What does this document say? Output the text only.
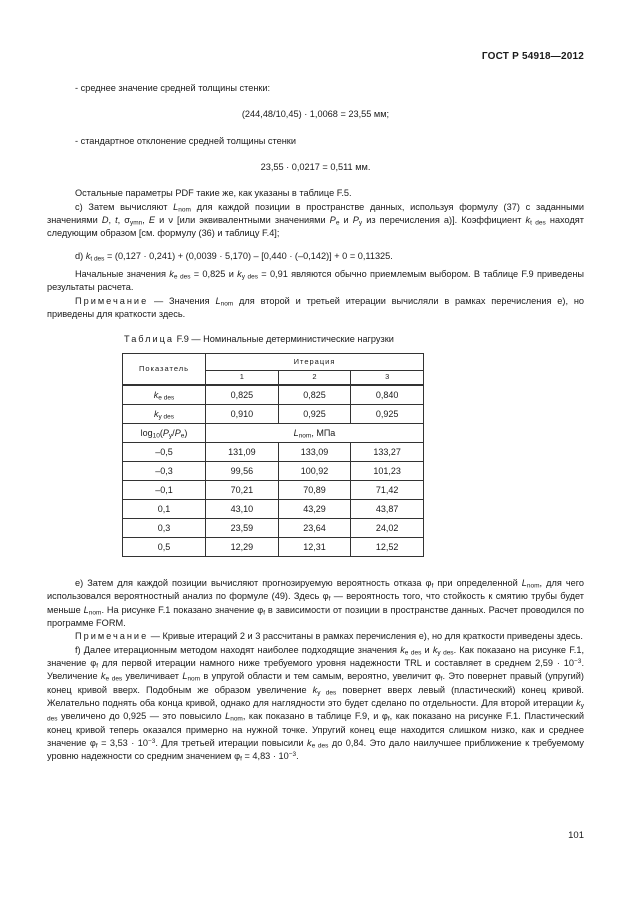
ГОСТ Р 54918—2012

- среднее значение средней толщины стенки:

(244,48/10,45) · 1,0068 = 23,55 мм;

- стандартное отклонение средней толщины стенки

23,55 · 0,0217 = 0,511 мм.

Остальные параметры PDF такие же, как указаны в таблице F.5.

с) Затем вычисляют $L_{nom}$ для каждой позиции в пространстве данных, используя формулу (37) с заданными значениями D, t, $\sigma_{ymn}$, E и ν [или эквивалентными значениями $P_e$ и $P_y$ из перечисления а)]. Коэффициент $k_{t des}$ находят следующим образом [см. формулу (36) и таблицу F.4];

d) $k_{t des} = (0,127 \cdot 0,241) + (0,0039 \cdot 5,170) - [0,440 \cdot (-0,142)] + 0 = 0,11325$.

Начальные значения $k_{e des} = 0,825$ и $k_{y des} = 0,91$ являются обычно приемлемым выбором. В таблице F.9 приведены результаты расчета.

Примечание — Значения $L_{nom}$ для второй и третьей итерации вычисляли в рамках перечисления е), но приведены для краткости здесь.

Таблица F.9 — Номинальные детерминистические нагрузки
Показатель	Итерация		
	1	2	3
$k_{e des}$	0,825	0,825	0,840
$k_{y des}$	0,910	0,925	0,925
$\log_{10}(P_y/P_e)$	$L_{nom}$, МПа		
–0,5	131,09	133,09	133,27
–0,3	99,56	100,92	101,23
–0,1	70,21	70,89	71,42
0,1	43,10	43,29	43,87
0,3	23,59	23,64	24,02
0,5	12,29	12,31	12,52

е) Затем для каждой позиции вычисляют прогнозируемую вероятность отказа $\varphi_f$ при определенной $L_{nom}$, для чего использовался вероятностный анализ по формуле (49). Здесь $\varphi_f$ — вероятность того, что стойкость к смятию трубы будет меньше $L_{nom}$. На рисунке F.1 показано значение $\varphi_f$ в зависимости от позиции в пространстве данных. Расчет проводился по программе FORM.

Примечание — Кривые итераций 2 и 3 рассчитаны в рамках перечисления е), но для краткости приведены здесь.

f) Далее итерационным методом находят наиболее подходящие значения $k_{e des}$ и $k_{y des}$. Как показано на рисунке F.1, значение $\varphi_f$ для первой итерации намного ниже требуемого уровня надежности TRL и составляет в среднем $2,59 \cdot 10^{-3}$. Увеличение $k_{e des}$ увеличивает $L_{nom}$ в упругой области и тем самым, вероятно, увеличит $\varphi_f$. Это повернет правый (упругий) конец кривой вверх. Подобным же образом увеличение $k_{y des}$ повернет вверх левый (пластический) конец кривой. Желательно поднять оба конца кривой, однако для наглядности это будет сделано по отдельности. Для второй итерации $k_{y des}$ увеличено до 0,925 — это повысило $L_{nom}$, как показано в таблице F.9, и $\varphi_f$, как показано на рисунке F.1. Пластический конец кривой теперь оказался примерно на нужной точке. Упругий конец еще находится слишком низко, как и среднее значение $\varphi_f = 3,53 \cdot 10^{-3}$. Для третьей итерации повысили $k_{e des}$ до 0,84. Это дало наилучшее приближение к требуемому уровню надежности со средним значением $\varphi_f = 4,83 \cdot 10^{-3}$.

101
